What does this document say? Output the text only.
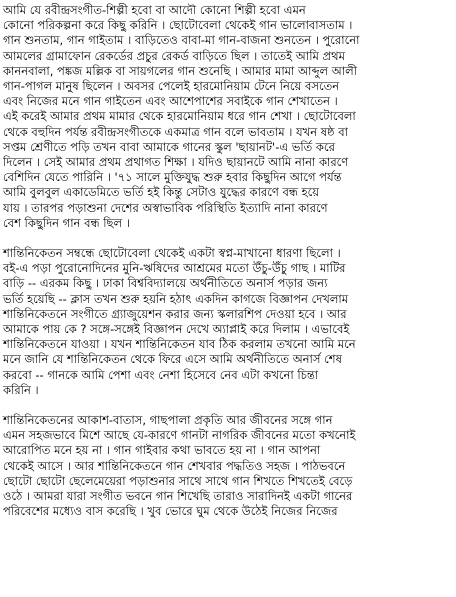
আমি যে রবীন্দ্রসংগীত-শিল্পী হবো বা আদৌ কোনো শিল্পী হবো এমন
কোনো পরিকল্পনা করে কিছু করিনি । ছোটোবেলা থেকেই গান ভালোবাসতাম ।
গান শুনতাম, গান গাইতাম । বাড়িতেও বাবা-মা গান-বাজনা শুনতেন । পুরোনো
আমলের গ্রামাফোন রেকর্ডের প্রচুর রেকর্ড বাড়িতে ছিল । তাতেই আমি প্রথম
কাননবালা, পঙ্কজ মল্লিক বা সায়গলের গান শুনেছি । আমার মামা আব্দুল আলী
গান-পাগল মানুষ ছিলেন । অবসর পেলেই হারমোনিয়াম টেনে নিয়ে বসতেন
এবং নিজের মনে গান গাইতেন এবং আশেপাশের সবাইকে গান শেখাতেন ।
এই করেই আমার প্রথম মামার থেকে হারমোনিয়াম ধরে গান শেখা । ছোটোবেলা
থেকে বহুদিন পর্যন্ত রবীন্দ্রসংগীতকে একমাত্র গান বলে ভাবতাম । যখন ষষ্ঠ বা
সপ্তম শ্রেণীতে পড়ি তখন বাবা আমাকে গানের স্কুল 'ছায়ানট'-এ ভর্তি করে
দিলেন । সেই আমার প্রথম প্রথাগত শিক্ষা । যদিও ছায়ানটে আমি নানা কারণে
বেশিদিন যেতে পারিনি । '৭১ সালে মুক্তিযুদ্ধ শুরু হবার কিছুদিন আগে পর্যন্ত
আমি বুলবুল একাডেমিতে ভর্তি হই কিন্তু সেটাও যুদ্ধের কারণে বন্ধ হয়ে
যায় । তারপর পড়াশুনা দেশের অস্বাভাবিক পরিস্থিতি ইত্যাদি নানা কারণে
বেশ কিছুদিন গান বন্ধ ছিল ।

শান্তিনিকেতন সম্বন্ধে ছোটোবেলা থেকেই একটা স্বপ্ন-মাখানো ধারণা ছিলো ।
বই-এ পড়া পুরোনোদিনের মুনি-ঋষিদের আশ্রমের মতো উঁচু-উঁচু গাছ । মাটির
বাড়ি -- এরকম কিছু । ঢাকা বিশ্ববিদ্যালয়ে অর্থনীতিতে অনার্স পড়ার জন্য
ভর্তি হয়েছি -- ক্লাস তখন শুরু হয়নি হঠাৎ একদিন কাগজে বিজ্ঞাপন দেখলাম
শান্তিনিকেতনে সংগীতে গ্র্যাজুয়েশন করার জন্য স্কলারশিপ দেওয়া হবে । আর
আমাকে পায় কে ? সঙ্গে-সঙ্গেই বিজ্ঞাপন দেখে অ্যাপ্লাই করে দিলাম । এভাবেই
শান্তিনিকেতনে যাওয়া । যখন শান্তিনিকেতন যাব ঠিক করলাম তখনো আমি মনে
মনে জানি যে শান্তিনিকেতন থেকে ফিরে এসে আমি অর্থনীতিতে অনার্স শেষ
করবো -- গানকে আমি পেশা এবং নেশা হিসেবে নেব এটা কখনো চিন্তা
করিনি ।

শান্তিনিকেতনের আকাশ-বাতাস, গাছপালা প্রকৃতি আর জীবনের সঙ্গে গান
এমন সহজভাবে মিশে আছে যে-কারণে গানটা নাগরিক জীবনের মতো কখনোই
আরোপিত মনে হয় না । গান গাইবার কথা ভাবতে হয় না । গান আপনা
থেকেই আসে । আর শান্তিনিকেতনে গান শেখবার পদ্ধতিও সহজ । পাঠভবনে
ছোটো ছোটো ছেলেমেয়েরা পড়াশুনার সাথে সাথে গান শিখতে শিখতেই বেড়ে
ওঠে । আমরা যারা সংগীত ভবনে গান শিখেছি তারাও সারাদিনই একটা গানের
পরিবেশের মধ্যেও বাস করেছি । খুব ভোরে ঘুম থেকে উঠেই নিজের নিজের
